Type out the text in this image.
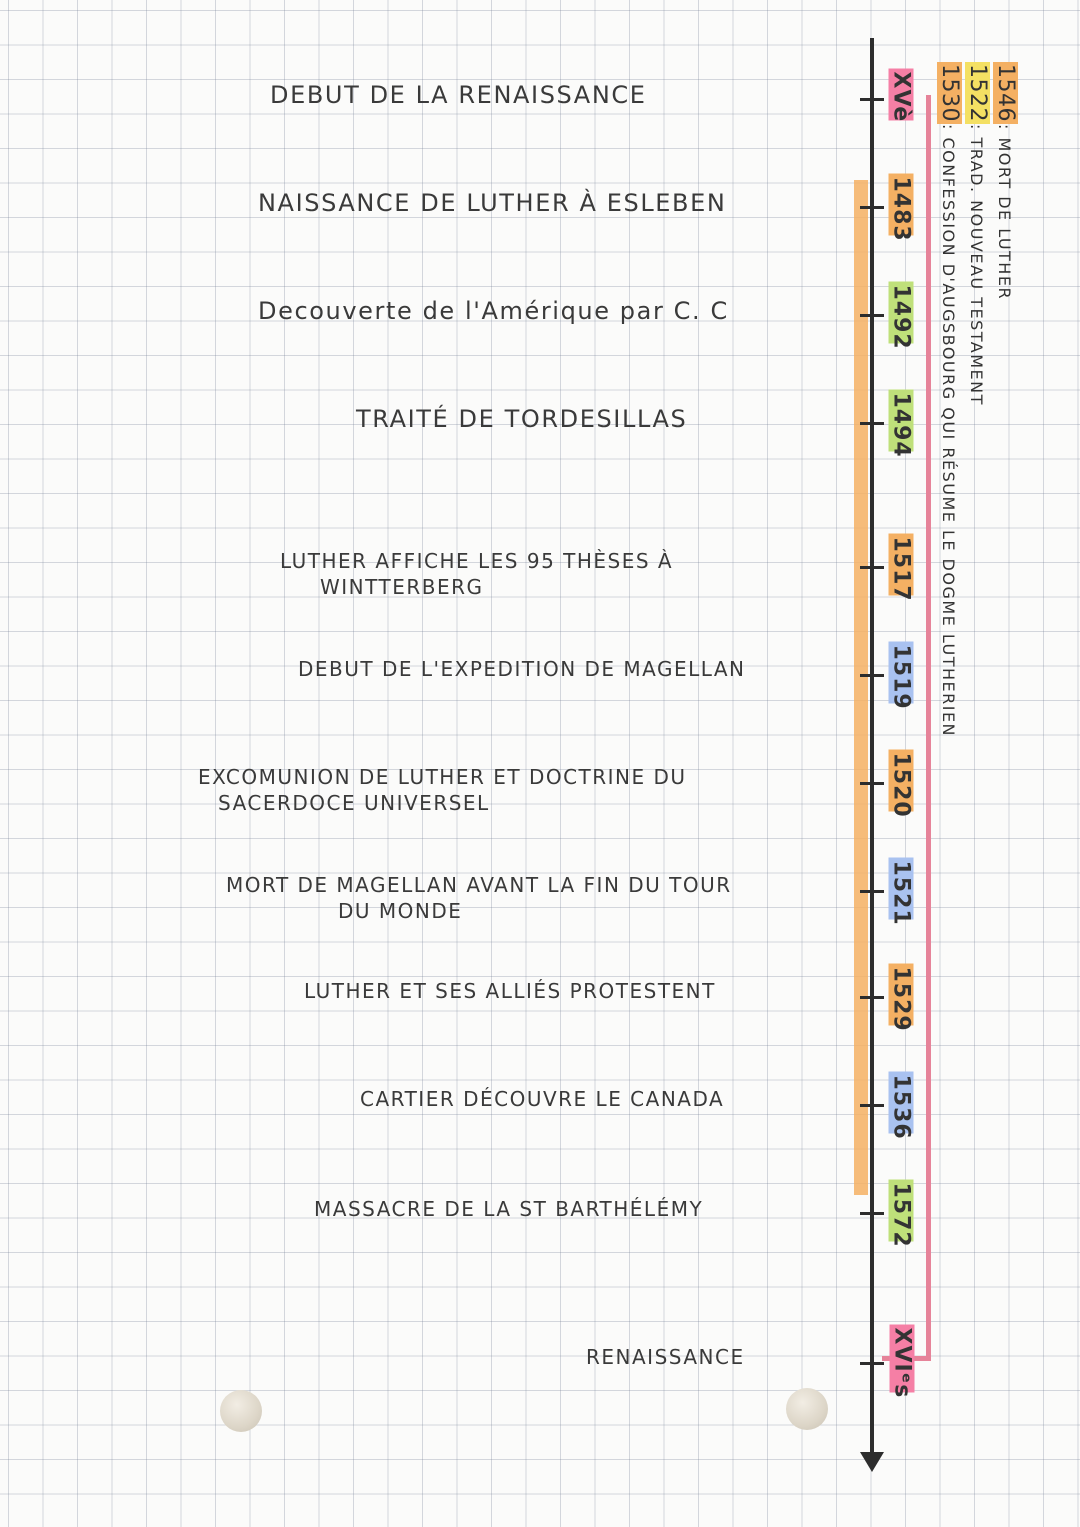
DEBUT DE LA RENAISSANCE

NAISSANCE DE LUTHER À ESLEBEN

Decouverte de l'Amérique par C. C

TRAITÉ DE TORDESILLAS

LUTHER AFFICHE LES 95 THÈSES À
WINTTERBERG

DEBUT DE L'EXPEDITION DE MAGELLAN

EXCOMUNION DE LUTHER ET DOCTRINE DU
SACERDOCE UNIVERSEL
MORT DE MAGELLAN AVANT LA FIN DU TOUR
DU MONDE

LUTHER ET SES ALLIÉS PROTESTENT

CARTIER DÉCOUVRE LE CANADA

MASSACRE DE LA ST BARTHÉLÉMY

RENAISSANCE

XVè
1483
1492
1494
1517
1519
1520
1521
1529
1536
1572
XVIᵉs
1546: MORT DE LUTHER
1522: TRAD. NOUVEAU TESTAMENT
1530: CONFESSION D'AUGSBOURG QUI RÉSUME LE DOGME LUTHERIEN
